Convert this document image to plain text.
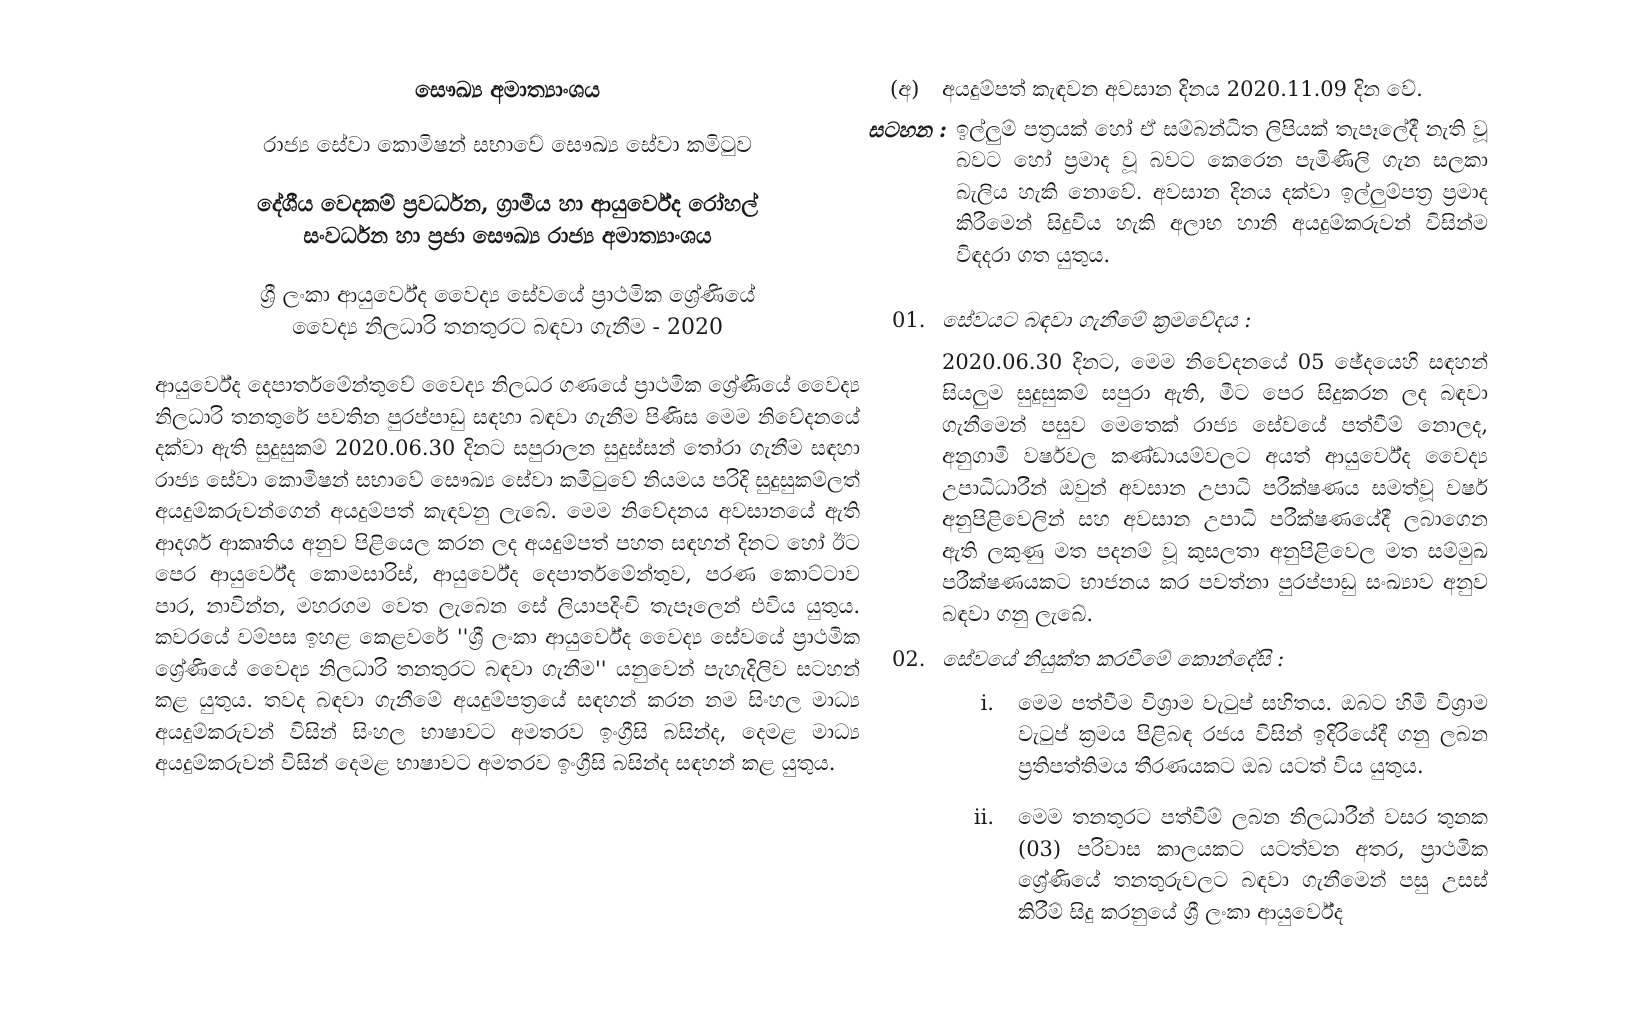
සෞඛ්‍ය අමාත්‍යාංශය

රාජ්‍ය සේවා කොමිෂන් සභාවේ සෞඛ්‍ය සේවා කමිටුව

දේශීය වෙදකම් ප්‍රවර්ධන, ග්‍රාමීය හා ආයුර්වේද රෝහල්

සංවර්ධන හා ප්‍රජා සෞඛ්‍ය රාජ්‍ය අමාත්‍යාංශය

ශ්‍රී ලංකා ආයුර්වේද වෛද්‍ය සේවයේ ප්‍රාථමික ශ්‍රේණියේ

වෛද්‍ය නිලධාරි තනතුරට බඳවා ගැනීම - 2020

ආයුර්වේද දෙපාර්තමේන්තුවේ වෛද්‍ය නිලධර ගණයේ ප්‍රාථමික ශ්‍රේණියේ වෛද්‍ය නිලධාරි තනතුරේ පවතින පුරප්පාඩු සඳහා බඳවා ගැනීම පිණිස මෙම නිවේදනයේ දක්වා ඇති සුදුසුකම් 2020.06.30 දිනට සපුරාලන සුදුස්සන් තෝරා ගැනීම සඳහා රාජ්‍ය සේවා කොමිෂන් සභාවේ සෞඛ්‍ය සේවා කමිටුවේ නියමය පරිදි සුදුසුකම්ලත් අයදුම්කරුවන්ගෙන් අයදුම්පත් කැඳවනු ලැබේ. මෙම නිවේදනය අවසානයේ ඇති ආදර්ශ ආකෘතිය අනුව පිළියෙල කරන ලද අයදුම්පත් පහත සඳහන් දිනට හෝ ඊට පෙර ආයුර්වේද කොමසාරිස්, ආයුර්වේද දෙපාර්තමේන්තුව, පරණ කොට්ටාව පාර, නාවින්න, මහරගම වෙත ලැබෙන සේ ලියාපදිංචි තැපෑලෙන් එවිය යුතුය. කවරයේ වම්පස ඉහළ කෙළවරේ ''ශ්‍රී ලංකා ආයුර්වේද වෛද්‍ය සේවයේ ප්‍රාථමික ශ්‍රේණියේ වෛද්‍ය නිලධාරි තනතුරට බඳවා ගැනීම'' යනුවෙන් පැහැදිලිව සටහන් කළ යුතුය. තවද බඳවා ගැනීමේ අයදුම්පත්‍රයේ සඳහන් කරන නම සිංහල මාධ්‍ය අයදුම්කරුවන් විසින් සිංහල භාෂාවට අමතරව ඉංග්‍රීසි බසින්ද, දෙමළ මාධ්‍ය අයදුම්කරුවන් විසින් දෙමළ භාෂාවට අමතරව ඉංග්‍රීසි බසින්ද සඳහන් කළ යුතුය.

(අ)	අයදුම්පත් කැඳවන අවසාන දිනය 2020.11.09 දින වේ.
සටහන : ඉල්ලුම් පත්‍රයක් හෝ ඒ සම්බන්ධිත ලිපියක් තැපෑලේදී නැති වූ බවට හෝ ප්‍රමාද වූ බවට කෙරෙන පැමිණිලි ගැන සලකා බැලිය හැකි නොවේ. අවසාන දිනය දක්වා ඉල්ලුම්පත්‍ර ප්‍රමාද කිරීමෙන් සිදුවිය හැකි අලාභ හානි අයදුම්කරුවන් විසින්ම විඳදරා ගත යුතුය.
01. සේවයට බඳවා ගැනීමේ ක්‍රමවේදය :

2020.06.30 දිනට, මෙම නිවේදනයේ 05 ඡේදයෙහි සඳහන් සියලුම සුදුසුකම් සපුරා ඇති, මීට පෙර සිදුකරන ලද බඳවා ගැනීමෙන් පසුව මෙතෙක් රාජ්‍ය සේවයේ පත්වීම් නොලද, අනුගාමී වර්ෂවල කණ්ඩායම්වලට අයත් ආයුර්වේද වෛද්‍ය උපාධිධාරීන් ඔවුන් අවසාන උපාධි පරීක්ෂණය සමත්වූ වර්ෂ අනුපිළිවෙලින් සහ අවසාන උපාධි පරීක්ෂණයේදී ලබාගෙන ඇති ලකුණු මත පදනම් වූ කුසලතා අනුපිළිවෙල මත සම්මුඛ පරීක්ෂණයකට භාජනය කර පවත්නා පුරප්පාඩු සංඛ්‍යාව අනුව බඳවා ගනු ලැබේ.

02. සේවයේ නියුක්ත කරවීමේ කොන්දේසි :
i.	මෙම පත්වීම විශ්‍රාම වැටුප් සහිතය. ඔබට හිමි විශ්‍රාම වැටුප් ක්‍රමය පිළිබඳ රජය විසින් ඉදිරියේදී ගනු ලබන ප්‍රතිපත්තිමය තීරණයකට ඔබ යටත් විය යුතුය.
ii.	මෙම තනතුරට පත්වීම් ලබන නිලධාරීන් වසර තුනක (03) පරිවාස කාලයකට යටත්වන අතර, ප්‍රාථමික ශ්‍රේණියේ තනතුරුවලට බඳවා ගැනීමෙන් පසු උසස් කිරීම් සිදු කරනුයේ ශ්‍රී ලංකා ආයුර්වේද
